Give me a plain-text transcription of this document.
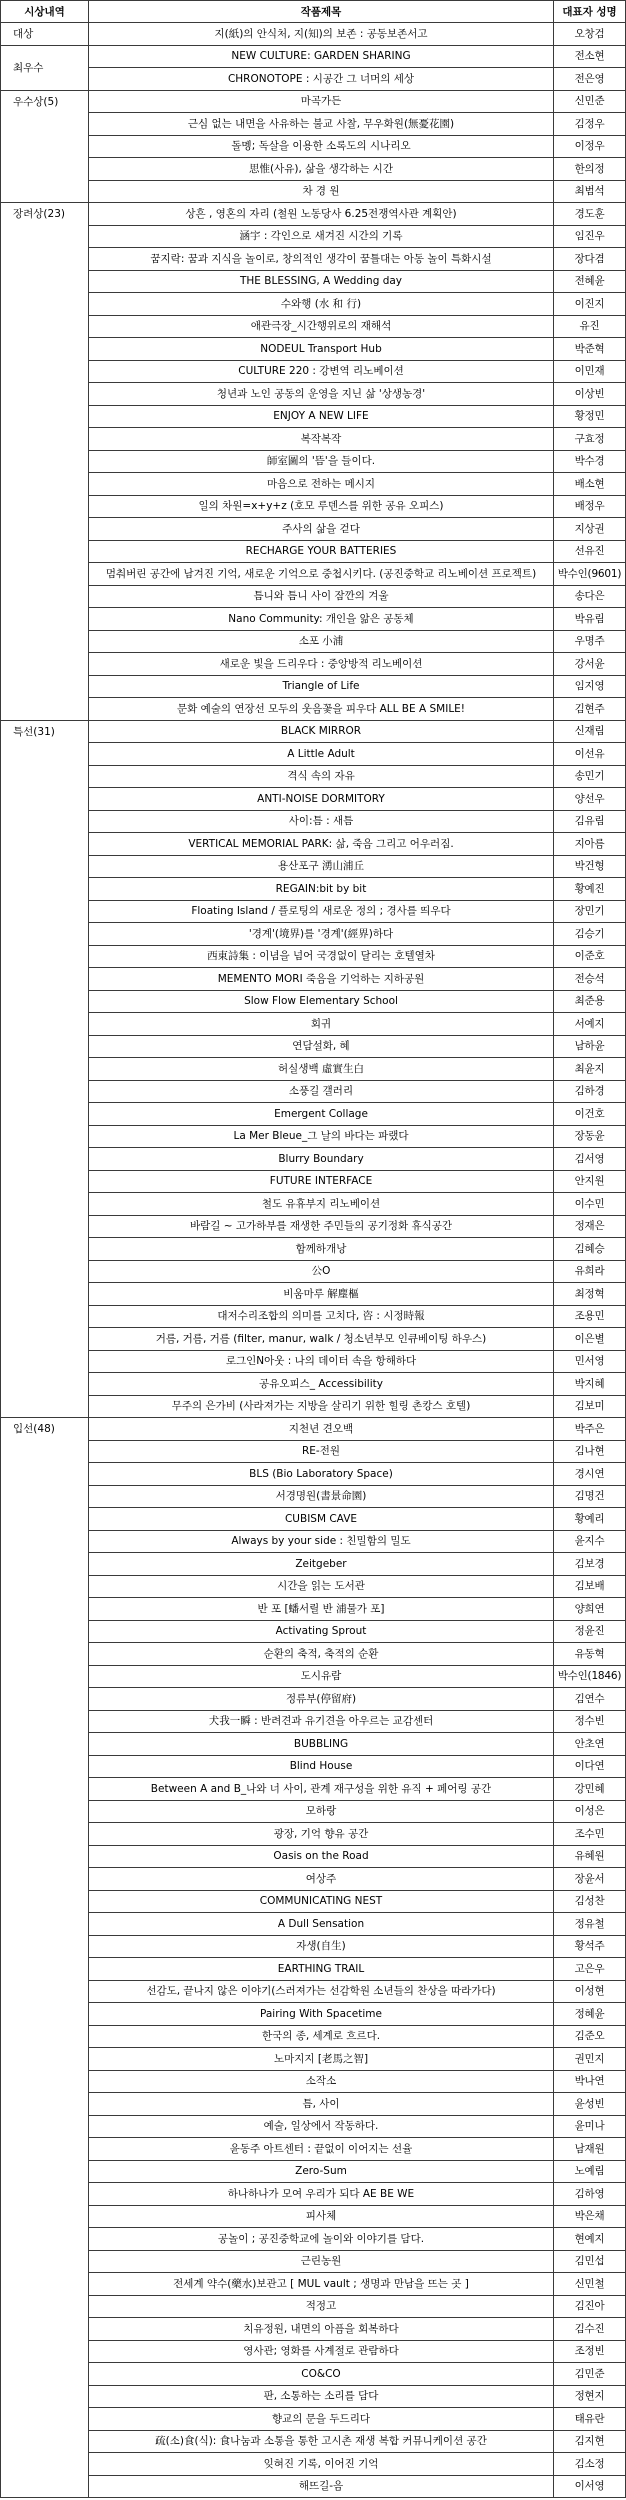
시상내역	작품제목	대표자 성명
대상	지(紙)의 안식처, 지(知)의 보존 : 공동보존서고	오창검
최우수	NEW CULTURE: GARDEN SHARING	전소현
	CHRONOTOPE : 시공간 그 너머의 세상	전은영
우수상(5)	마곡가든	신민준
	근심 없는 내면을 사유하는 불교 사찰, 무우화원(無憂花園)	김정우
	돌멩; 독살을 이용한 소록도의 시나리오	이정우
	思惟(사유), 삶을 생각하는 시간	한의정
	차 경 원	최범석
장려상(23)	상흔 , 영혼의 자리 (철원 노동당사 6.25전쟁역사관 계획안)	경도훈
	涵宇 : 각인으로 새겨진 시간의 기록	임진우
	꿈지락: 꿈과 지식을 놀이로, 창의적인 생각이 꿈틀대는 아동 놀이 특화시설	장다겸
	THE BLESSING, A Wedding day	전혜윤
	수와행 (水 和 行)	이진지
	애관극장_시간행위로의 재해석	유진
	NODEUL Transport Hub	박준혁
	CULTURE 220 : 강변역 리노베이션	이민재
	청년과 노인 공동의 운영을 지닌 삶 '상생농경'	이상빈
	ENJOY A NEW LIFE	황정민
	복작복작	구효정
	師室圖의 '뜸'을 들이다.	박수경
	마음으로 전하는 메시지	배소현
	일의 차원=x+y+z (호모 루덴스를 위한 공유 오피스)	배정우
	주사의 삶을 걷다	지상권
	RECHARGE YOUR BATTERIES	선유진
	멈춰버린 공간에 남겨진 기억, 새로운 기억으로 중첩시키다. (공진중학교 리노베이션 프로젝트)	박수인(9601)
	틈니와 틈니 사이 잠깐의 겨울	송다은
	Nano Community: 개인을 앎은 공동체	박유림
	소포 小浦	우명주
	새로운 빛을 드리우다 : 중앙방적 리노베이션	강서윤
	Triangle of Life	임지영
	문화 예술의 연장선 모두의 웃음꽃을 피우다 ALL BE A SMILE!	김현주
특선(31)	BLACK MIRROR	신재림
	A Little Adult	이선유
	격식 속의 자유	송민기
	ANTI-NOISE DORMITORY	양선우
	사이:틈 : 새틈	김유림
	VERTICAL MEMORIAL PARK: 삶, 죽음 그리고 어우러짐.	지아름
	용산포구 湧山浦丘	박건형
	REGAIN:bit by bit	황예진
	Floating Island / 플로팅의 새로운 정의 ; 경사를 띄우다	장민기
	'경계'(境界)를 '경계'(經界)하다	김승기
	西東詩集 : 이념을 넘어 국경없이 달리는 호텔열차	이준호
	MEMENTO MORI 죽음을 기억하는 지하공원	전승석
	Slow Flow Elementary School	최준용
	회귀	서예지
	연담설화, 혜	남하윤
	허실생백 虛實生白	최윤지
	소풍길 갤러리	김하경
	Emergent Collage	이건호
	La Mer Bleue_그 날의 바다는 파랬다	장동윤
	Blurry Boundary	김서영
	FUTURE INTERFACE	안지원
	철도 유휴부지 리노베이션	이수민
	바람길 ~ 고가하부를 재생한 주민들의 공기정화 휴식공간	정재은
	함께하개낭	김혜승
	公O	유희라
	비움마루 解塵樞	최정혁
	대저수리조합의 의미를 고치다, 咨 : 시정時報	조용민
	거름, 거름, 거름 (filter, manur, walk / 청소년부모 인큐베이팅 하우스)	이은별
	로그인N아웃 : 나의 데이터 속을 항해하다	민서영
	공유오피스_ Accessibility	박지혜
	무주의 은가비 (사라져가는 지방을 살리기 위한 힐링 촌캉스 호텔)	김보미
입선(48)	지천년 견오백	박주은
	RE-전원	김나현
	BLS (Bio Laboratory Space)	경시연
	서경명원(書景命園)	김명건
	CUBISM CAVE	황예리
	Always by your side : 친밀함의 밀도	윤지수
	Zeitgeber	김보경
	시간을 읽는 도서관	김보배
	반 포 [蟠서릴 반 浦물가 포]	양희연
	Activating Sprout	정윤진
	순환의 축적, 축적의 순환	유동혁
	도시유람	박수인(1846)
	정류부(停留府)	김연수
	犬我一瞬 : 반려견과 유기견을 아우르는 교감센터	정수빈
	BUBBLING	안초연
	Blind House	이다연
	Between A and B_나와 너 사이, 관계 재구성을 위한 유직 + 페어링 공간	강민혜
	모하랑	이성은
	광장, 기억 향유 공간	조수민
	Oasis on the Road	유혜원
	여상주	장윤서
	COMMUNICATING NEST	김성찬
	A Dull Sensation	정유철
	자생(自生)	황석주
	EARTHING TRAIL	고은우
	선감도, 끝나지 않은 이야기(스러져가는 선감학원 소년들의 찬상을 따라가다)	이성현
	Pairing With Spacetime	정혜윤
	한국의 종, 세계로 흐르다.	김준오
	노마지지 [老馬之智]	권민지
	소작소	박나연
	틈, 사이	윤성빈
	예술, 일상에서 작동하다.	윤미나
	윤동주 아트센터 : 끝없이 이어지는 선율	남재원
	Zero-Sum	노예림
	하나하나가 모여 우리가 되다 AE BE WE	김하영
	피사체	박은채
	공놀이 ; 공진중학교에 놀이와 이야기를 담다.	현예지
	근린농원	김민섭
	전세계 약수(藥水)보관고 [ MUL vault ; 생명과 만남을 뜨는 곳 ]	신민철
	적정고	김진아
	치유정원, 내면의 아픔을 회복하다	김수진
	영사관; 영화를 사계절로 관람하다	조정빈
	CO&CO	김민준
	판, 소통하는 소리를 담다	정현지
	향교의 문을 두드리다	태유란
	疏(소)食(식): 食나눔과 소통을 통한 고시촌 재생 복합 커뮤니케이션 공간	김지현
	잊혀진 기록, 이어진 기억	김소정
	해뜨길-음	이서영
